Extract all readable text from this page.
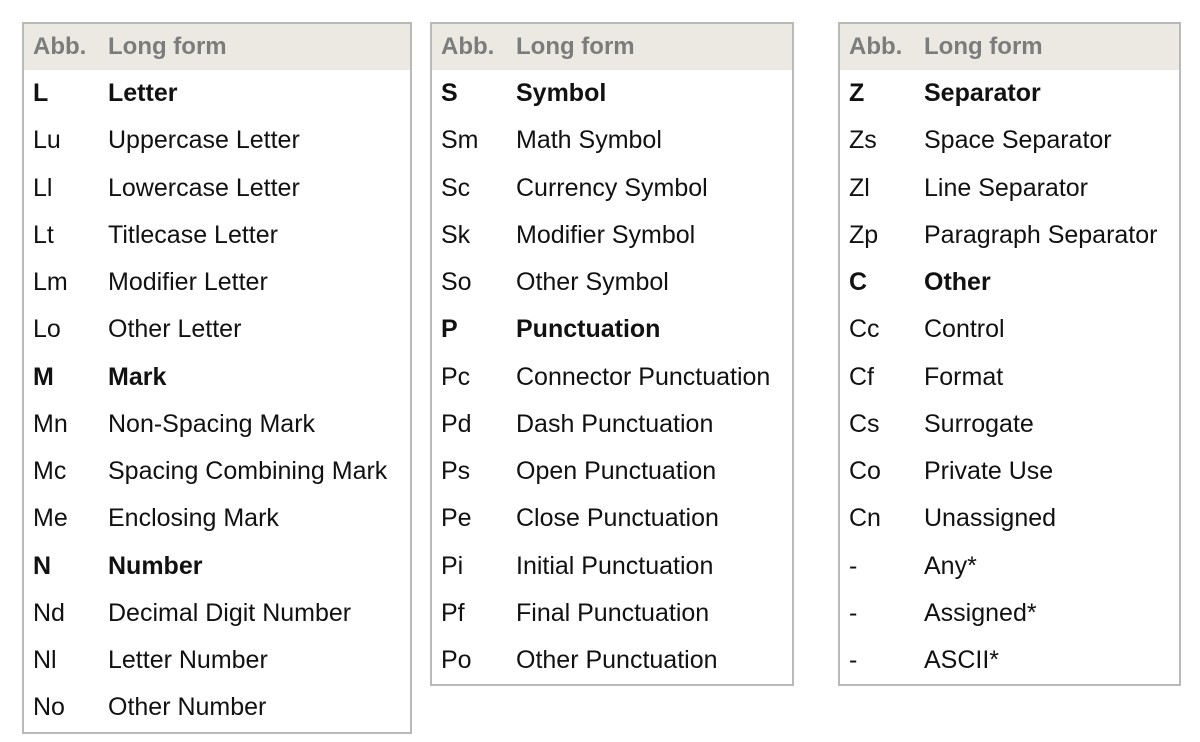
Abb.	Long form
L	Letter
Lu	Uppercase Letter
Ll	Lowercase Letter
Lt	Titlecase Letter
Lm	Modifier Letter
Lo	Other Letter
M	Mark
Mn	Non-Spacing Mark
Mc	Spacing Combining Mark
Me	Enclosing Mark
N	Number
Nd	Decimal Digit Number
Nl	Letter Number
No	Other Number
Abb.	Long form
S	Symbol
Sm	Math Symbol
Sc	Currency Symbol
Sk	Modifier Symbol
So	Other Symbol
P	Punctuation
Pc	Connector Punctuation
Pd	Dash Punctuation
Ps	Open Punctuation
Pe	Close Punctuation
Pi	Initial Punctuation
Pf	Final Punctuation
Po	Other Punctuation
Abb.	Long form
Z	Separator
Zs	Space Separator
Zl	Line Separator
Zp	Paragraph Separator
C	Other
Cc	Control
Cf	Format
Cs	Surrogate
Co	Private Use
Cn	Unassigned
-	Any*
-	Assigned*
-	ASCII*
